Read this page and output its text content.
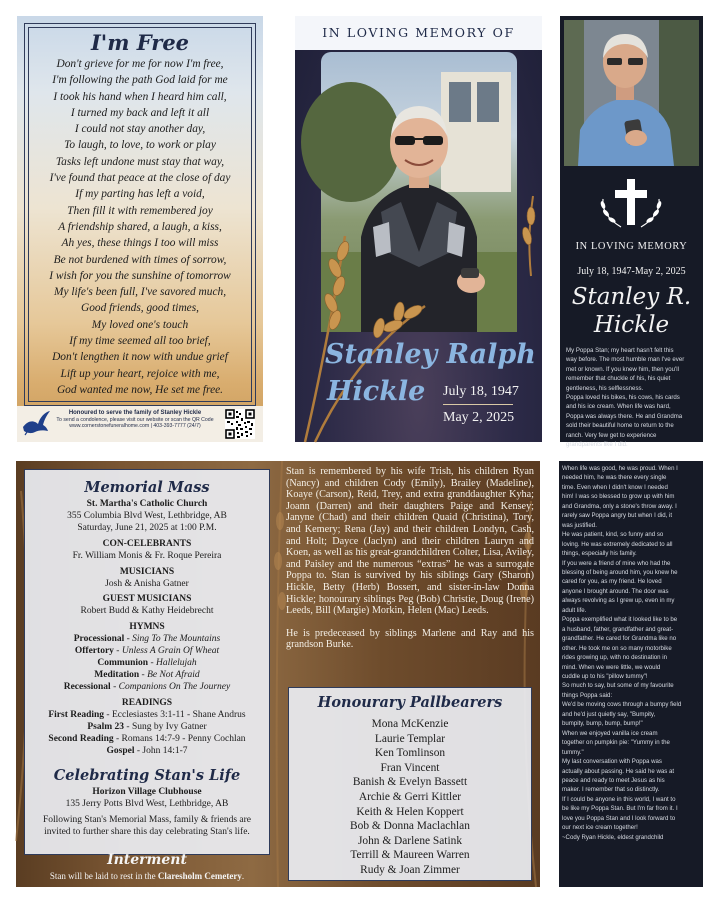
I'm Free
Don't grieve for me for now I'm free,
I'm following the path God laid for me
I took his hand when I heard him call,
I turned my back and left it all
I could not stay another day,
To laugh, to love, to work or play
Tasks left undone must stay that way,
I've found that peace at the close of day
If my parting has left a void,
Then fill it with remembered joy
A friendship shared, a laugh, a kiss,
Ah yes, these things I too will miss
Be not burdened with times of sorrow,
I wish for you the sunshine of tomorrow
My life's been full, I've savored much,
Good friends, good times,
My loved one's touch
If my time seemed all too brief,
Don't lengthen it now with undue grief
Lift up your heart, rejoice with me,
God wanted me now, He set me free.
Honoured to serve the family of Stanley Hickle
To send a condolence, please visit our website or scan the QR Code
www.cornerstonefuneralhome.com | 403-393-7777 (24/7)
IN LOVING MEMORY OF
Stanley Ralph
Hickle July 18, 1947
May 2, 2025
IN LOVING MEMORY
July 18, 1947-May 2, 2025
Stanley R.
Hickle
My Poppa Stan; my heart hasn't felt this
way before. The most humble man I've ever
met or known. If you knew him, then you'll
remember that chuckle of his, his quiet
gentleness, his selflessness.
Poppa loved his bikes, his cows, his cards
and his ice cream. When life was hard,
Poppa was always there. He and Grandma
sold their beautiful home to return to the
ranch. Very few get to experience
grandparents like I did.
Memorial Mass
St. Martha's Catholic Church
355 Columbia Blvd West, Lethbridge, AB
Saturday, June 21, 2025 at 1:00 P.M.
CON-CELEBRANTS
Fr. William Monis & Fr. Roque Pereira
MUSICIANS
Josh & Anisha Gatner
GUEST MUSICIANS
Robert Budd & Kathy Heidebrecht
HYMNS
Processional - Sing To The Mountains
Offertory - Unless A Grain Of Wheat
Communion - Hallelujah
Meditation - Be Not Afraid
Recessional - Companions On The Journey
READINGS
First Reading - Ecclesiastes 3:1-11 - Shane Andrus
Psalm 23 - Sung by Ivy Gatner
Second Reading - Romans 14:7-9 - Penny Cochlan
Gospel - John 14:1-7
Celebrating Stan's Life
Horizon Village Clubhouse
135 Jerry Potts Blvd West, Lethbridge, AB
Following Stan's Memorial Mass, family & friends are
invited to further share this day celebrating Stan's life.
Interment
Stan will be laid to rest in the Claresholm Cemetery.

Stan is remembered by his wife Trish, his children Ryan (Nancy) and children Cody (Emily), Brailey (Madeline), Koaye (Carson), Reid, Trey, and extra granddaughter Kyha; Joann (Darren) and their daughters Paige and Kensey; Janyne (Chad) and their children Quaid (Christina), Tory, and Kemery; Rena (Jay) and their children Londyn, Cash, and Holt; Dayce (Jaclyn) and their children Lauryn and Koen, as well as his great-grandchildren Colter, Lisa, Aviley, and Paisley and the numerous “extras” he was a surrogate Poppa to. Stan is survived by his siblings Gary (Sharon) Hickle, Betty (Herb) Bossert, and sister-in-law Donna Hickle; honourary siblings Peg (Bob) Christie, Doug (Irene) Leeds, Bill (Margie) Morkin, Helen (Mac) Leeds.

He is predeceased by siblings Marlene and Ray and his grandson Burke.

Honourary Pallbearers
Mona McKenzie
Laurie Templar
Ken Tomlinson
Fran Vincent
Banish & Evelyn Bassett
Archie & Gerri Kittler
Keith & Helen Koppert
Bob & Donna Maclachlan
John & Darlene Satink
Terrill & Maureen Warren
Rudy & Joan Zimmer
When life was good, he was proud. When I
needed him, he was there every single
time. Even when I didn't know I needed
him! I was so blessed to grow up with him
and Grandma, only a stone's throw away. I
rarely saw Poppa angry but when I did, it
was justified.
He was patient, kind, so funny and so
loving. He was extremely dedicated to all
things, especially his family.
If you were a friend of mine who had the
blessing of being around him, you knew he
cared for you, as my friend. He loved
anyone I brought around. The door was
always revolving as I grew up, even in my
adult life.
Poppa exemplified what it looked like to be
a husband, father, grandfather and great-
grandfather. He cared for Grandma like no
other. He took me on so many motorbike
rides growing up, with no destination in
mind. When we were little, we would
cuddle up to his "pillow tummy"!
So much to say, but some of my favourite
things Poppa said:
We'd be moving cows through a bumpy field
and he'd just quietly say, "Bumpity,
bumpity, bump, bump, bump!"
When we enjoyed vanilla ice cream
together on pumpkin pie: "Yummy in the
tummy."
My last conversation with Poppa was
actually about passing. He said he was at
peace and ready to meet Jesus as his
maker. I remember that so distinctly.
If I could be anyone in this world, I want to
be like my Poppa Stan. But I'm far from it. I
love you Poppa Stan and I look forward to
our next ice cream together!
~Cody Ryan Hickle, eldest grandchild
